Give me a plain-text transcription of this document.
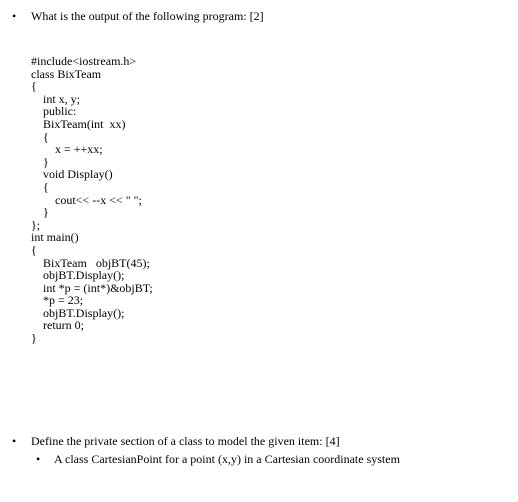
• What is the output of the following program: [2]
#include<iostream.h>
class BixTeam
{
int x, y;
public:
BixTeam(int  xx)
{
x = ++xx;
}
void Display()
{
cout<< --x << " ";
}
};
int main()
{
BixTeam   objBT(45);
objBT.Display();
int *p = (int*)&objBT;
*p = 23;
objBT.Display();
return 0;
}
• Define the private section of a class to model the given item: [4]
• A class CartesianPoint for a point (x,y) in a Cartesian coordinate system
